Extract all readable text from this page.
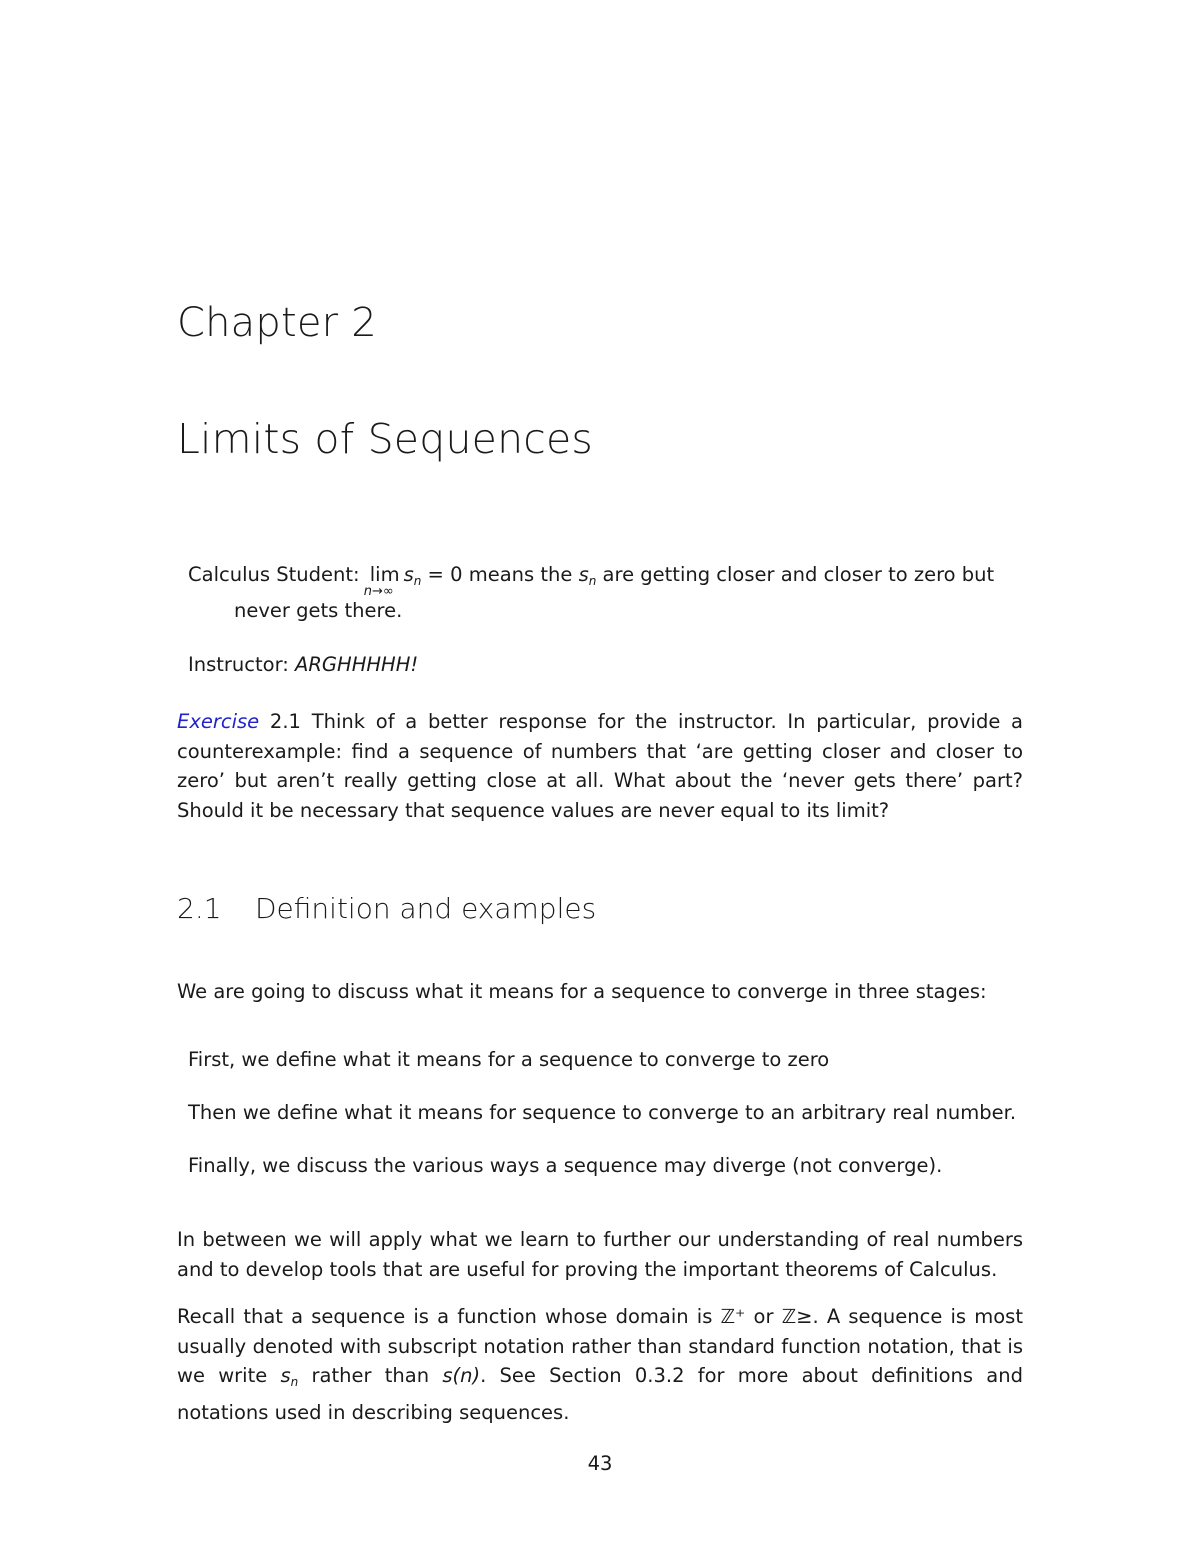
Chapter 2
Limits of Sequences
Calculus Student: lim
n→∞
$s_n = 0$ means the $s_n$ are getting closer and closer to zero but
never gets there.
Instructor: ARGHHHHH!
Exercise 2.1 Think of a better response for the instructor. In particular, provide a counterexample: find a sequence of numbers that ‘are getting closer and closer to zero’ but aren’t really getting close at all. What about the ‘never gets there’ part? Should it be necessary that sequence values are never equal to its limit?
2.1 Definition and examples
We are going to discuss what it means for a sequence to converge in three stages:
First, we define what it means for a sequence to converge to zero
Then we define what it means for sequence to converge to an arbitrary real number.
Finally, we discuss the various ways a sequence may diverge (not converge).
In between we will apply what we learn to further our understanding of real numbers and to develop tools that are useful for proving the important theorems of Calculus.
Recall that a sequence is a function whose domain is ℤ⁺ or ℤ≥. A sequence is most usually denoted with subscript notation rather than standard function notation, that is we write $s_n$ rather than s(n). See Section 0.3.2 for more about definitions and notations used in describing sequences.
43
